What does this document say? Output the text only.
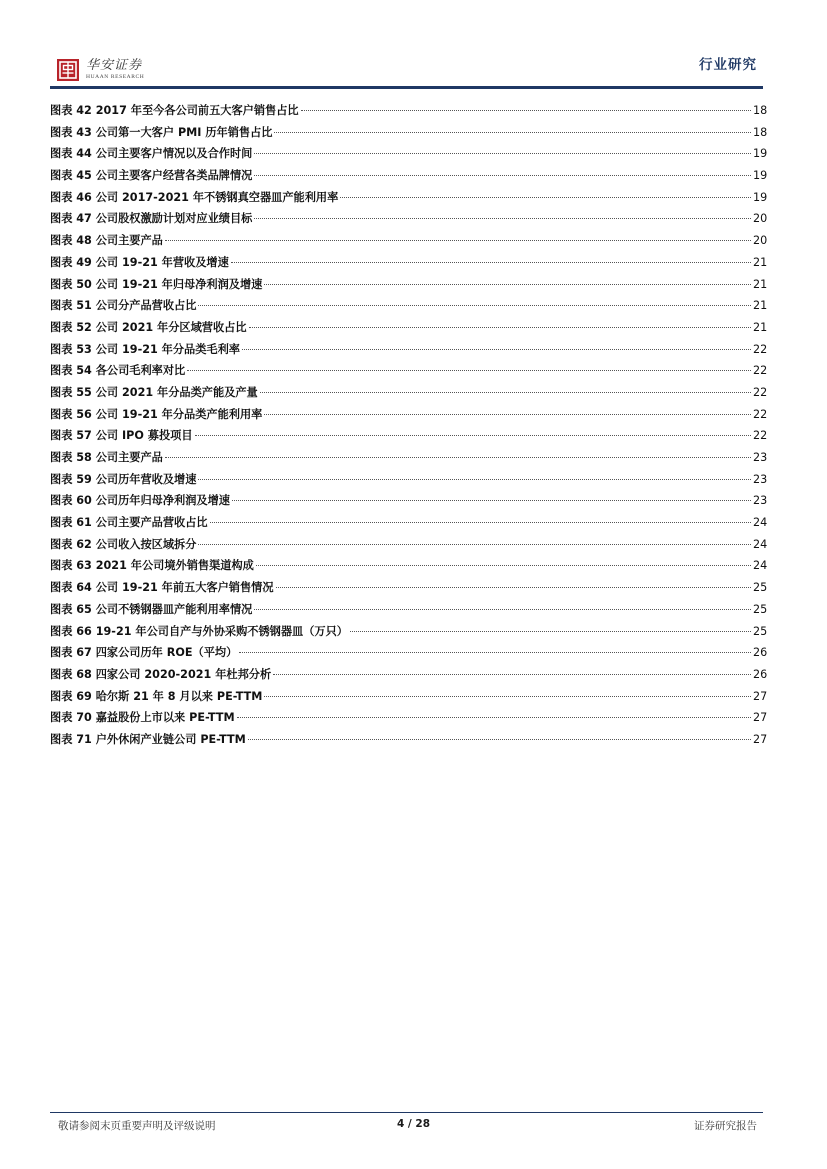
华安证券
HUAAN RESEARCH
行业研究
图表 42 2017 年至今各公司前五大客户销售占比	18
图表 43 公司第一大客户 PMI 历年销售占比	18
图表 44 公司主要客户情况以及合作时间	19
图表 45 公司主要客户经营各类品牌情况	19
图表 46 公司 2017-2021 年不锈钢真空器皿产能利用率	19
图表 47 公司股权激励计划对应业绩目标	20
图表 48 公司主要产品	20
图表 49 公司 19-21 年营收及增速	21
图表 50 公司 19-21 年归母净利润及增速	21
图表 51 公司分产品营收占比	21
图表 52 公司 2021 年分区域营收占比	21
图表 53 公司 19-21 年分品类毛利率	22
图表 54 各公司毛利率对比	22
图表 55 公司 2021 年分品类产能及产量	22
图表 56 公司 19-21 年分品类产能利用率	22
图表 57 公司 IPO 募投项目	22
图表 58 公司主要产品	23
图表 59 公司历年营收及增速	23
图表 60 公司历年归母净利润及增速	23
图表 61 公司主要产品营收占比	24
图表 62 公司收入按区域拆分	24
图表 63 2021 年公司境外销售渠道构成	24
图表 64 公司 19-21 年前五大客户销售情况	25
图表 65 公司不锈钢器皿产能利用率情况	25
图表 66 19-21 年公司自产与外协采购不锈钢器皿（万只）	25
图表 67 四家公司历年 ROE（平均）	26
图表 68 四家公司 2020-2021 年杜邦分析	26
图表 69 哈尔斯 21 年 8 月以来 PE-TTM	27
图表 70 嘉益股份上市以来 PE-TTM	27
图表 71 户外休闲产业链公司 PE-TTM	27
敬请参阅末页重要声明及评级说明	4 / 28	证券研究报告
